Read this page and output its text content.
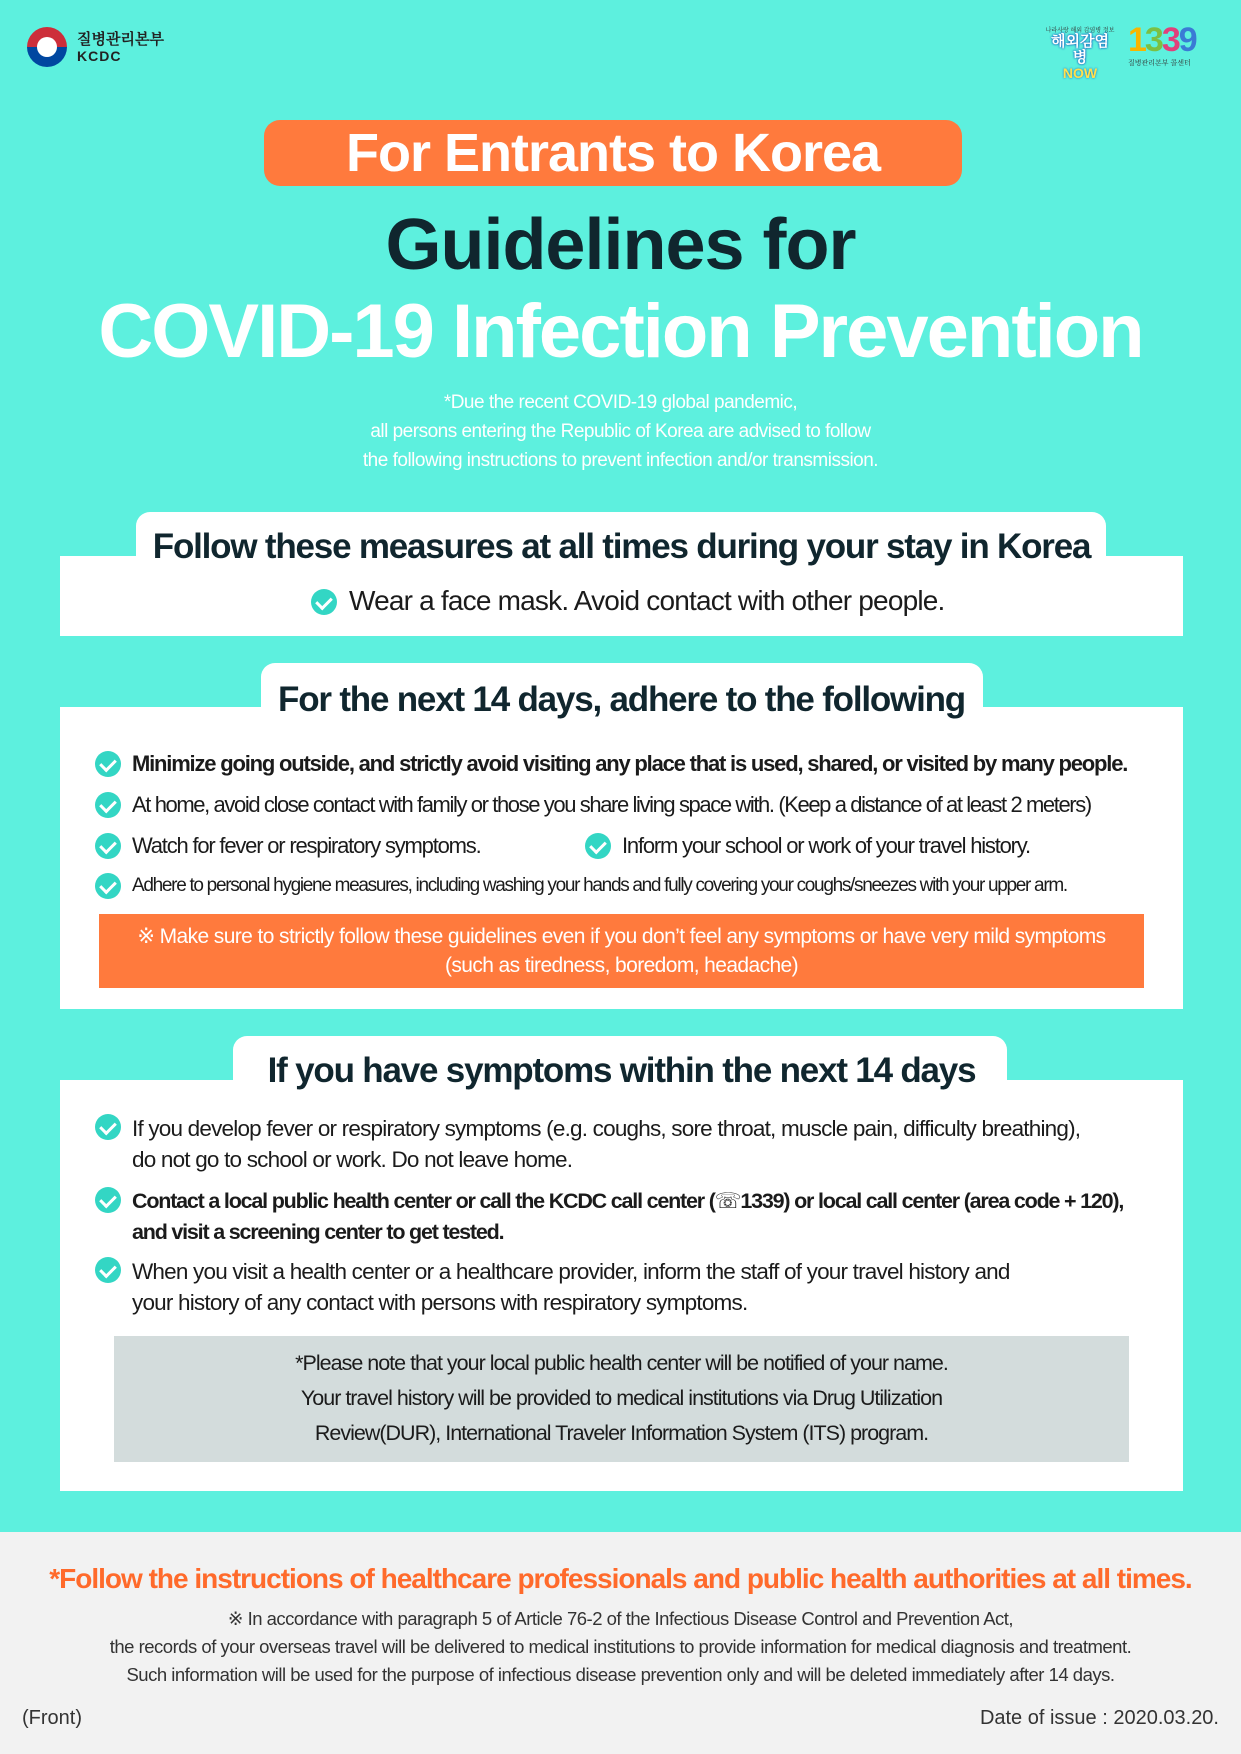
질병관리본부
KCDC
나라사랑 해외 감염병 정보
해외감염병
NOW
1339
질병관리본부 콜센터
For Entrants to Korea
Guidelines for
COVID-19 Infection Prevention
*Due the recent COVID-19 global pandemic,
all persons entering the Republic of Korea are advised to follow
the following instructions to prevent infection and/or transmission.
Follow these measures at all times during your stay in Korea
Wear a face mask. Avoid contact with other people.
For the next 14 days, adhere to the following
Minimize going outside, and strictly avoid visiting any place that is used, shared, or visited by many people.
At home, avoid close contact with family or those you share living space with. (Keep a distance of at least 2 meters)
Watch for fever or respiratory symptoms.	Inform your school or work of your travel history.
Adhere to personal hygiene measures, including washing your hands and fully covering your coughs/sneezes with your upper arm.
※ Make sure to strictly follow these guidelines even if you don’t feel any symptoms or have very mild symptoms
(such as tiredness, boredom, headache)
If you have symptoms within the next 14 days
If you develop fever or respiratory symptoms (e.g. coughs, sore throat, muscle pain, difficulty breathing),
do not go to school or work. Do not leave home.
Contact a local public health center or call the KCDC call center (☏1339) or local call center (area code + 120),
and visit a screening center to get tested.
When you visit a health center or a healthcare provider, inform the staff of your travel history and
your history of any contact with persons with respiratory symptoms.
*Please note that your local public health center will be notified of your name.
Your travel history will be provided to medical institutions via Drug Utilization
Review(DUR), International Traveler Information System (ITS) program.
*Follow the instructions of healthcare professionals and public health authorities at all times.
※ In accordance with paragraph 5 of Article 76-2 of the Infectious Disease Control and Prevention Act,
the records of your overseas travel will be delivered to medical institutions to provide information for medical diagnosis and treatment.
Such information will be used for the purpose of infectious disease prevention only and will be deleted immediately after 14 days.
(Front)	Date of issue : 2020.03.20.
